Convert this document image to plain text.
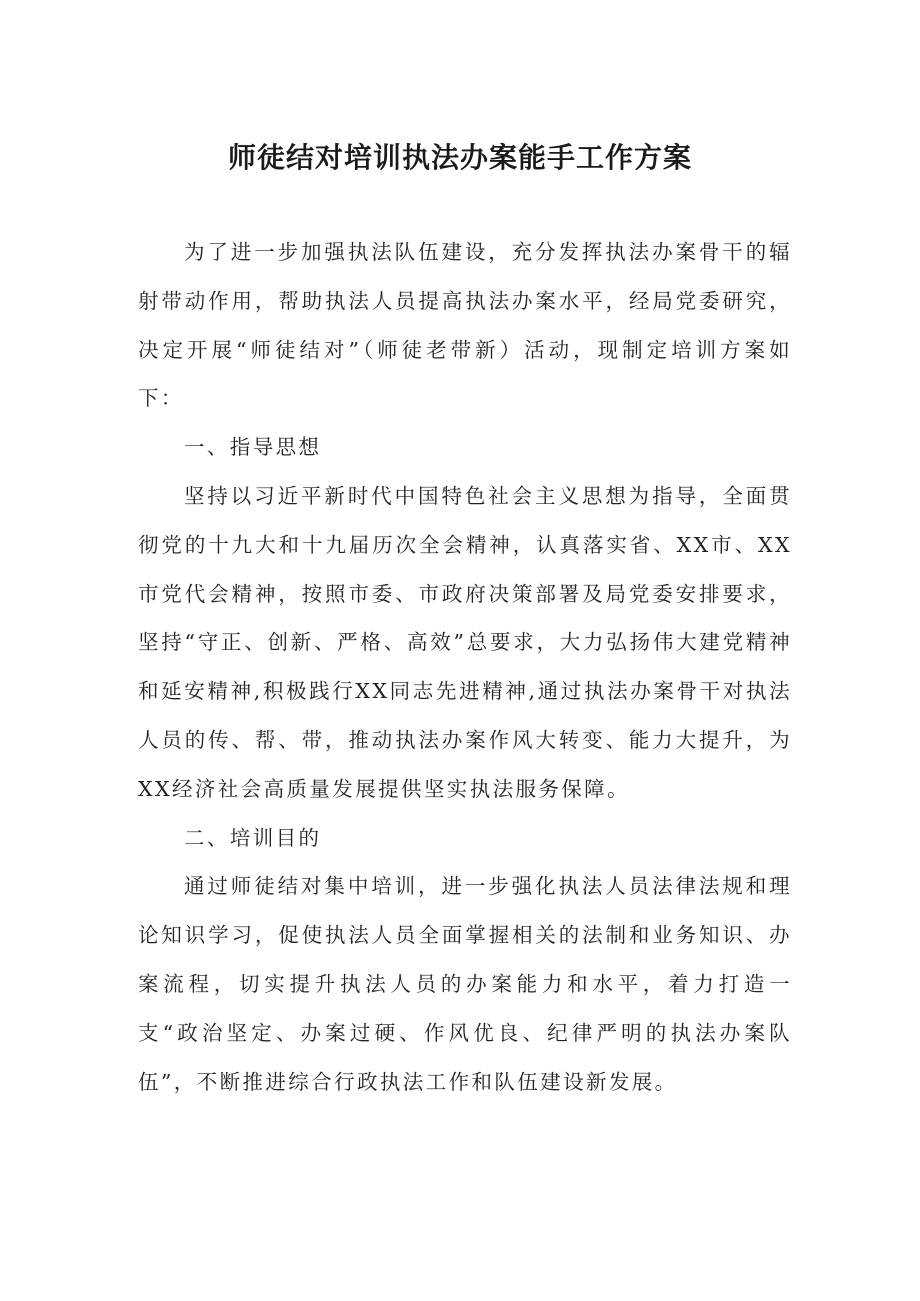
师徒结对培训执法办案能手工作方案

为了进一步加强执法队伍建设，充分发挥执法办案骨干的辐射带动作用，帮助执法人员提高执法办案水平，经局党委研究，决定开展“师徒结对”（师徒老带新）活动，现制定培训方案如下：

一、指导思想

坚持以习近平新时代中国特色社会主义思想为指导，全面贯彻党的十九大和十九届历次全会精神，认真落实省、XX市、XX市党代会精神，按照市委、市政府决策部署及局党委安排要求，坚持“守正、创新、严格、高效”总要求，大力弘扬伟大建党精神和延安精神,积极践行XX同志先进精神,通过执法办案骨干对执法人员的传、帮、带，推动执法办案作风大转变、能力大提升，为XX经济社会高质量发展提供坚实执法服务保障。

二、培训目的

通过师徒结对集中培训，进一步强化执法人员法律法规和理论知识学习，促使执法人员全面掌握相关的法制和业务知识、办案流程，切实提升执法人员的办案能力和水平，着力打造一支“政治坚定、办案过硬、作风优良、纪律严明的执法办案队伍”，不断推进综合行政执法工作和队伍建设新发展。
